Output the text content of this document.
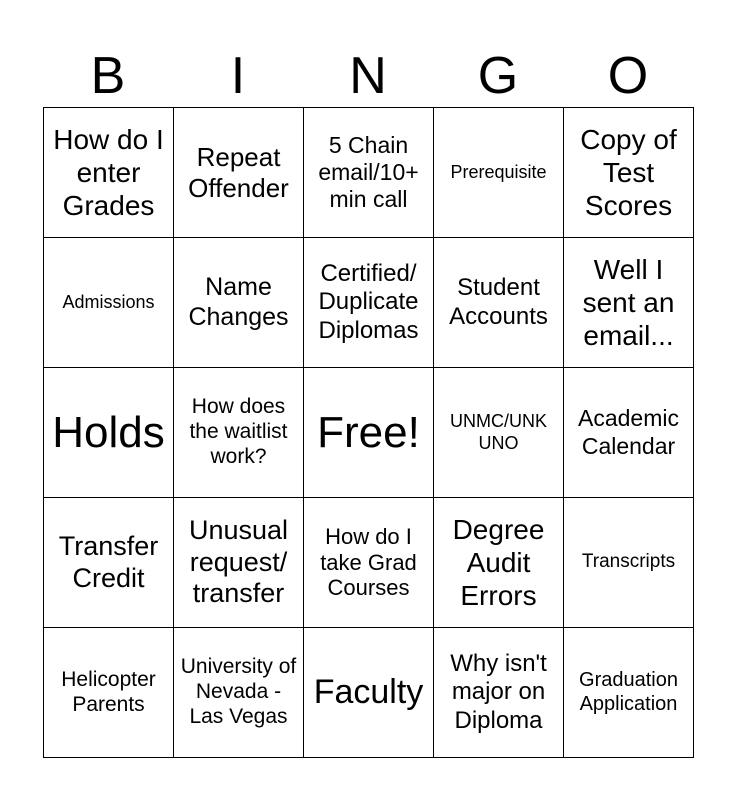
B	I	N	G	O
How do I enter Grades	Repeat Offender	5 Chain email/10+ min call	Prerequisite	Copy of Test Scores

Admissions	Name Changes	Certified/ Duplicate Diplomas	Student Accounts	Well I sent an email...

Holds	How does the waitlist work?	Free!	UNMC/UNK UNO	Academic Calendar

Transfer Credit	Unusual request/ transfer	How do I take Grad Courses	Degree Audit Errors	Transcripts

Helicopter Parents	University of Nevada -Las Vegas	Faculty	Why isn't major on Diploma	Graduation Application
